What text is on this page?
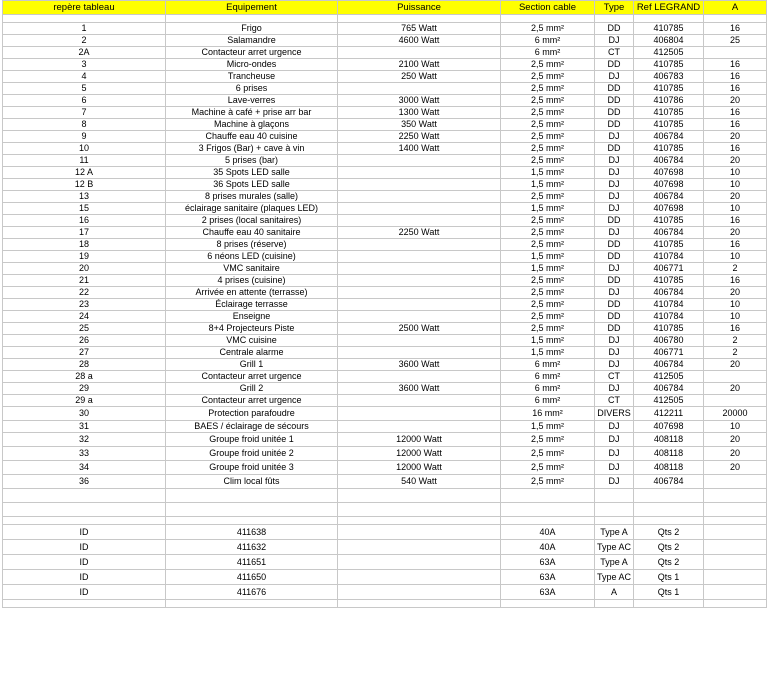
repère tableau	Equipement	Puissance	Section cable	Type	Ref LEGRAND	A

1	Frigo	765 Watt	2,5 mm²	DD	410785	16
2	Salamandre	4600 Watt	6 mm²	DJ	406804	25
2A	Contacteur arret urgence		6 mm²	CT	412505	
3	Micro-ondes	2100 Watt	2,5 mm²	DD	410785	16
4	Trancheuse	250 Watt	2,5 mm²	DJ	406783	16
5	6 prises		2,5 mm²	DD	410785	16
6	Lave-verres	3000 Watt	2,5 mm²	DD	410786	20
7	Machine à café + prise arr bar	1300 Watt	2,5 mm²	DD	410785	16
8	Machine à glaçons	350 Watt	2,5 mm²	DD	410785	16
9	Chauffe eau 40 cuisine	2250 Watt	2,5 mm²	DJ	406784	20
10	3 Frigos (Bar) + cave à vin	1400 Watt	2,5 mm²	DD	410785	16
11	5 prises (bar)		2,5 mm²	DJ	406784	20
12 A	35 Spots LED salle		1,5 mm²	DJ	407698	10
12 B	36 Spots LED salle		1,5 mm²	DJ	407698	10
13	8 prises murales (salle)		2,5 mm²	DJ	406784	20
15	éclairage sanitaire (plaques LED)		1,5 mm²	DJ	407698	10
16	2 prises (local sanitaires)		2,5 mm²	DD	410785	16
17	Chauffe eau 40 sanitaire	2250 Watt	2,5 mm²	DJ	406784	20
18	8 prises (réserve)		2,5 mm²	DD	410785	16
19	6 néons LED (cuisine)		1,5 mm²	DD	410784	10
20	VMC sanitaire		1,5 mm²	DJ	406771	2
21	4 prises (cuisine)		2,5 mm²	DD	410785	16
22	Arrivée en attente (terrasse)		2,5 mm²	DJ	406784	20
23	Éclairage terrasse		2,5 mm²	DD	410784	10
24	Enseigne		2,5 mm²	DD	410784	10
25	8+4 Projecteurs Piste	2500 Watt	2,5 mm²	DD	410785	16
26	VMC cuisine		1,5 mm²	DJ	406780	2
27	Centrale alarme		1,5 mm²	DJ	406771	2
28	Grill 1	3600 Watt	6 mm²	DJ	406784	20
28 a	Contacteur arret urgence		6 mm²	CT	412505	
29	Grill 2	3600 Watt	6 mm²	DJ	406784	20
29 a	Contacteur arret urgence		6 mm²	CT	412505	
30	Protection parafoudre		16 mm²	DIVERS	412211	20000
31	BAES / éclairage de sécours		1,5 mm²	DJ	407698	10
32	Groupe froid unitée 1	12000 Watt	2,5 mm²	DJ	408118	20
33	Groupe froid unitée 2	12000 Watt	2,5 mm²	DJ	408118	20
34	Groupe froid unitée 3	12000 Watt	2,5 mm²	DJ	408118	20
36	Clim local fûts	540 Watt	2,5 mm²	DJ	406784	

ID	411638		40A	Type A	Qts 2	
ID	411632		40A	Type AC	Qts 2	
ID	411651		63A	Type A	Qts 2	
ID	411650		63A	Type AC	Qts 1	
ID	411676		63A	A	Qts 1	
